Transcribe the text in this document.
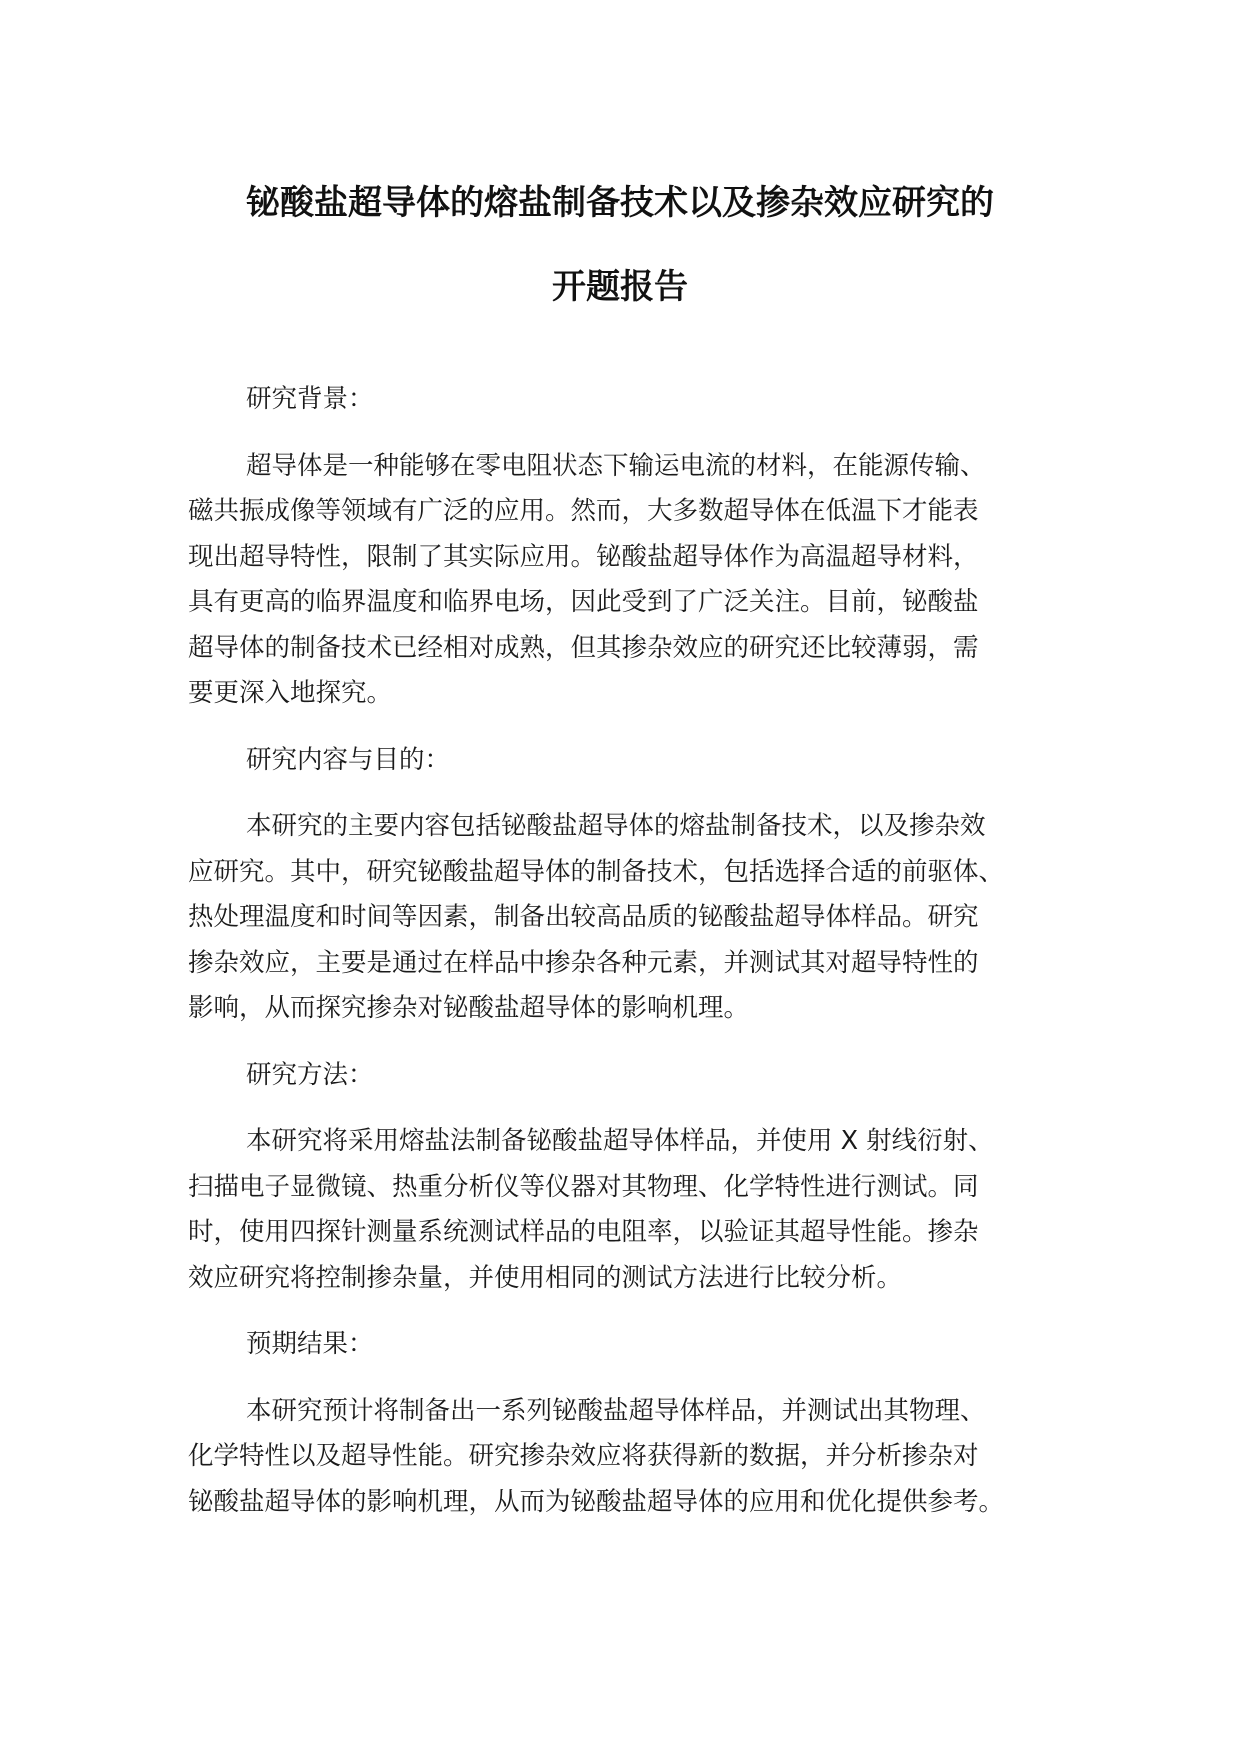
铋酸盐超导体的熔盐制备技术以及掺杂效应研究的
开题报告

研究背景：

超导体是一种能够在零电阻状态下输运电流的材料，在能源传输、

磁共振成像等领域有广泛的应用。然而，大多数超导体在低温下才能表

现出超导特性，限制了其实际应用。铋酸盐超导体作为高温超导材料，

具有更高的临界温度和临界电场，因此受到了广泛关注。目前，铋酸盐

超导体的制备技术已经相对成熟，但其掺杂效应的研究还比较薄弱，需

要更深入地探究。

研究内容与目的：

本研究的主要内容包括铋酸盐超导体的熔盐制备技术，以及掺杂效

应研究。其中，研究铋酸盐超导体的制备技术，包括选择合适的前驱体、

热处理温度和时间等因素，制备出较高品质的铋酸盐超导体样品。研究

掺杂效应，主要是通过在样品中掺杂各种元素，并测试其对超导特性的

影响，从而探究掺杂对铋酸盐超导体的影响机理。

研究方法：

本研究将采用熔盐法制备铋酸盐超导体样品，并使用 X 射线衍射、

扫描电子显微镜、热重分析仪等仪器对其物理、化学特性进行测试。同

时，使用四探针测量系统测试样品的电阻率，以验证其超导性能。掺杂

效应研究将控制掺杂量，并使用相同的测试方法进行比较分析。

预期结果：

本研究预计将制备出一系列铋酸盐超导体样品，并测试出其物理、

化学特性以及超导性能。研究掺杂效应将获得新的数据，并分析掺杂对

铋酸盐超导体的影响机理，从而为铋酸盐超导体的应用和优化提供参考。
